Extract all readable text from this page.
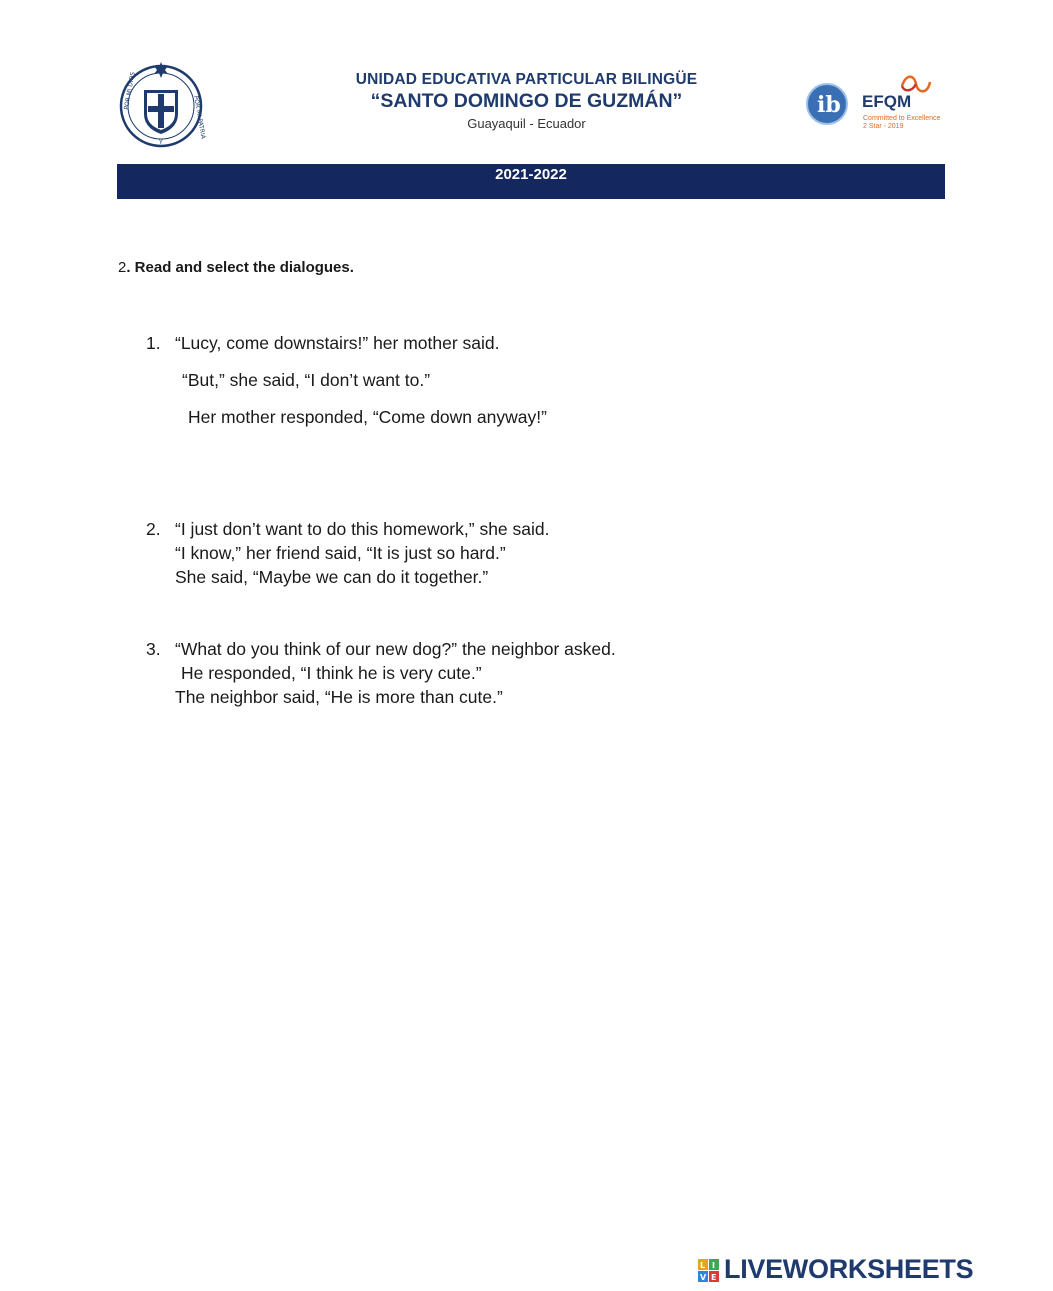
POR MI DIOS
POR MI PATRIA
Y
UNIDAD EDUCATIVA PARTICULAR BILINGÜE
“SANTO DOMINGO DE GUZMÁN”
Guayaquil - Ecuador
ib EFQM
Committed to Excellence
2 Star - 2019
2021-2022
2. Read and select the dialogues.
1. “Lucy, come downstairs!” her mother said.
“But,” she said, “I don’t want to.”
Her mother responded, “Come down anyway!”
2. “I just don’t want to do this homework,” she said.
“I know,” her friend said, “It is just so hard.”
She said, “Maybe we can do it together.”
3. “What do you think of our new dog?” the neighbor asked.
He responded, “I think he is very cute.”
The neighbor said, “He is more than cute.”
L I
V E LIVEWORKSHEETS
